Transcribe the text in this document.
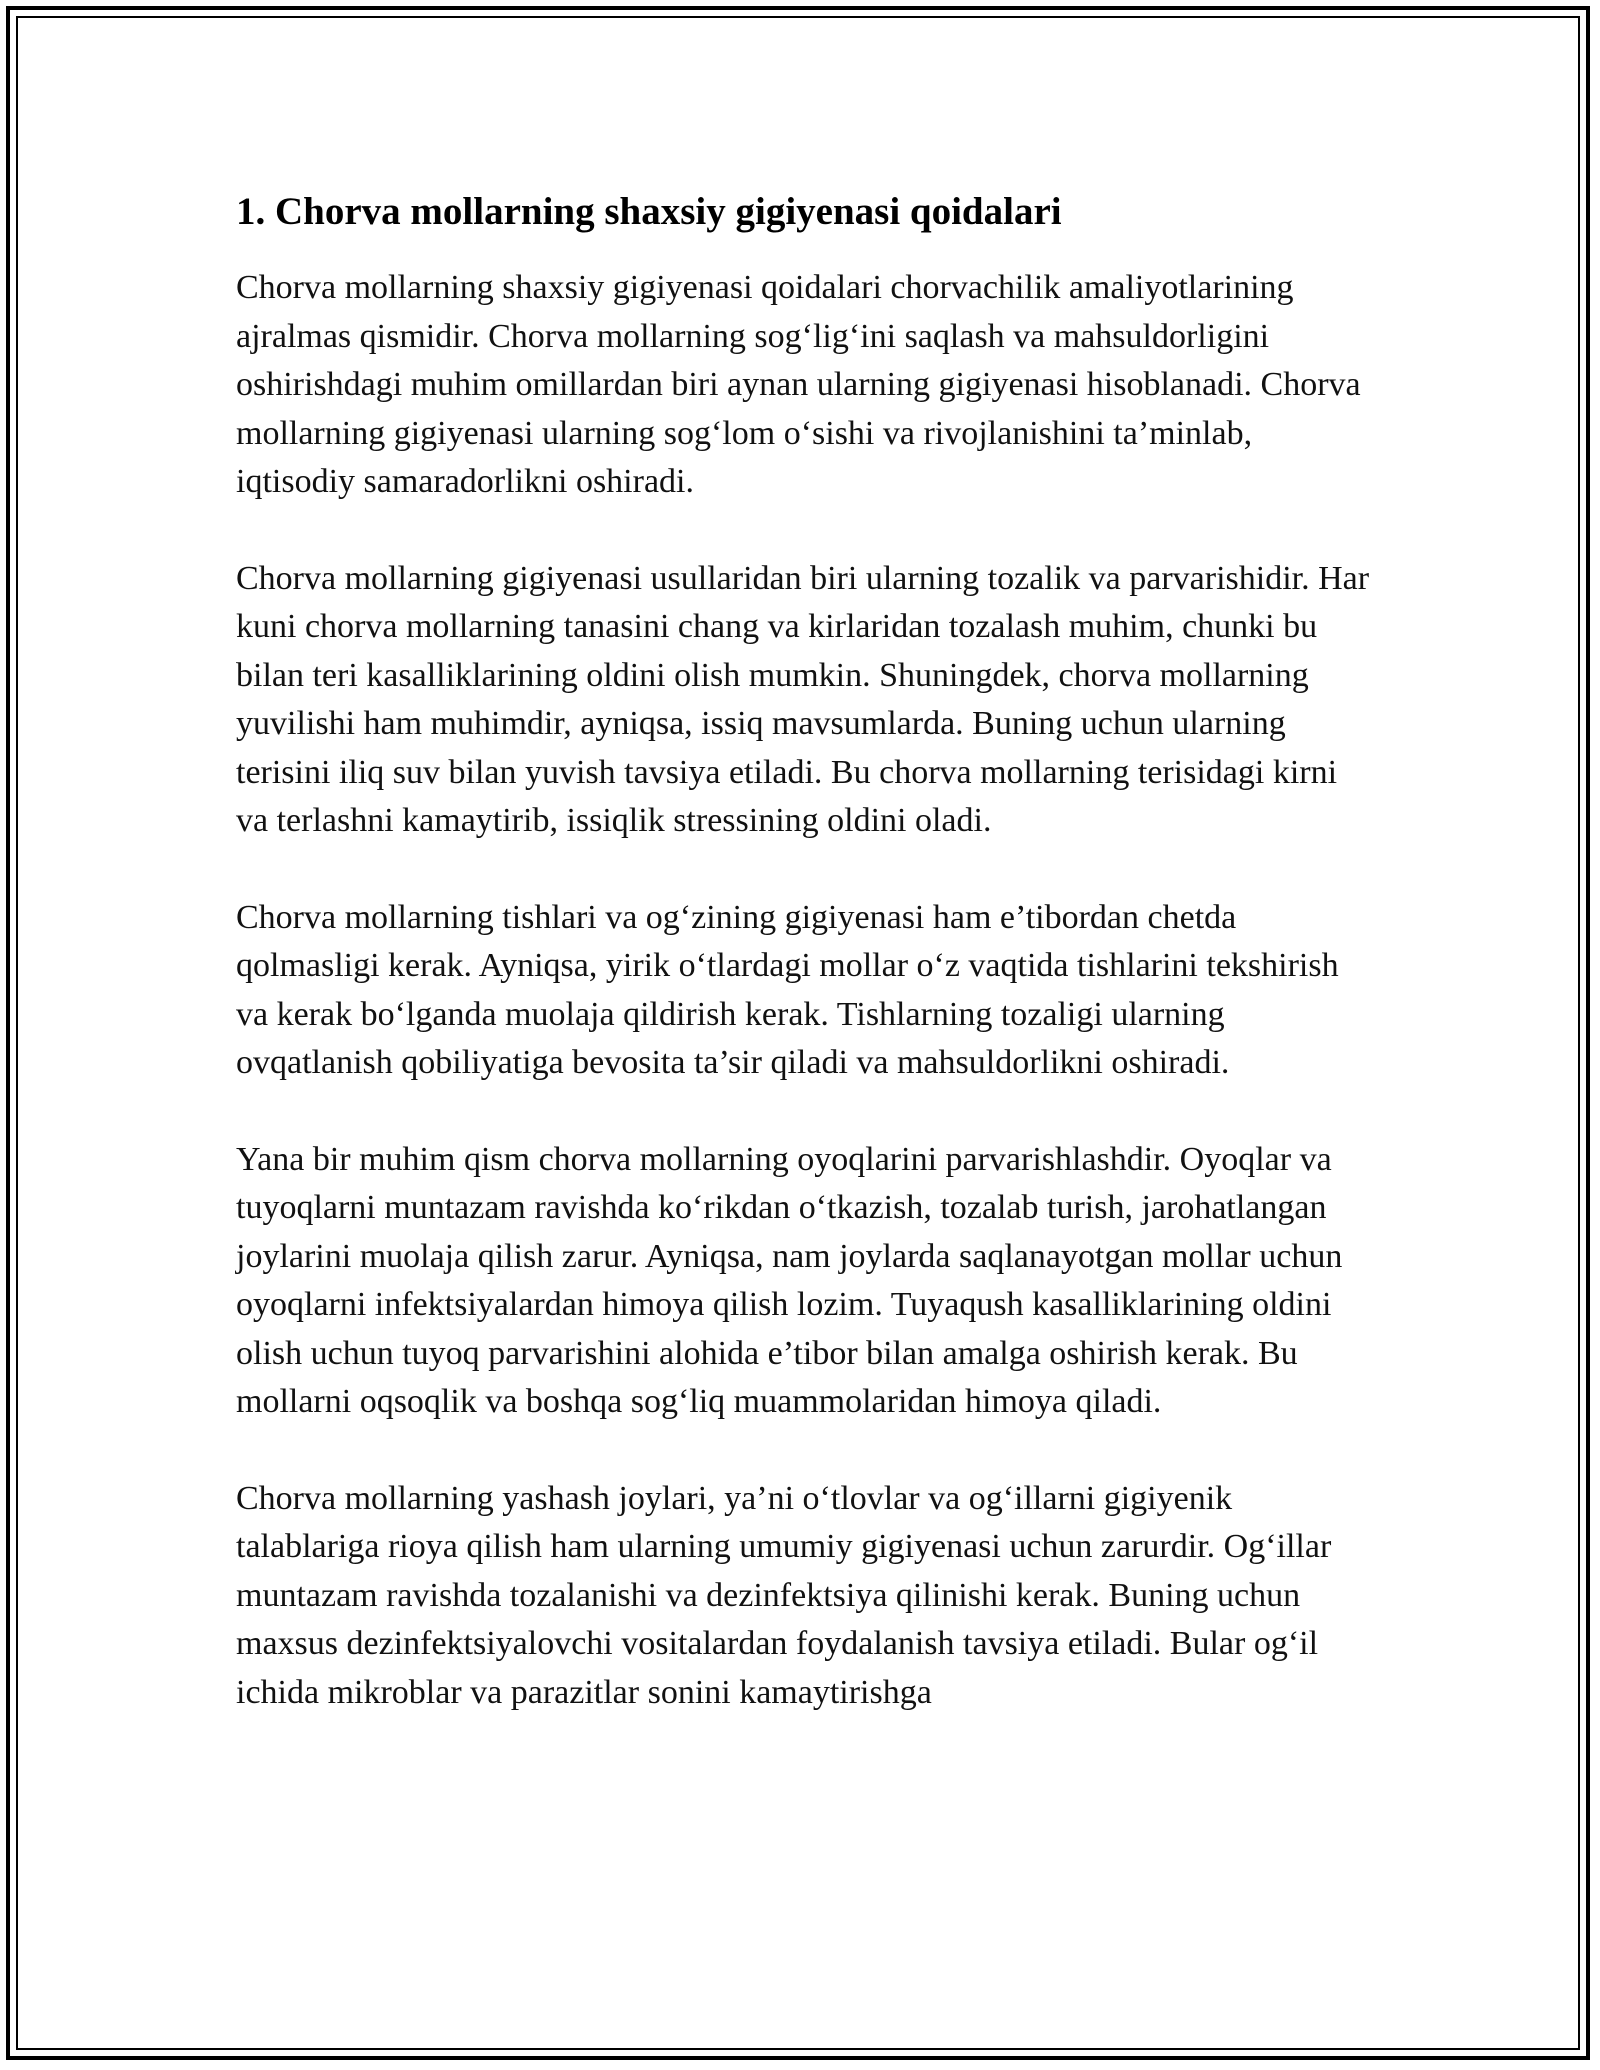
1. Chorva mollarning shaxsiy gigiyenasi qoidalari

Chorva mollarning shaxsiy gigiyenasi qoidalari chorvachilik amaliyotlarining ajralmas qismidir. Chorva mollarning sog‘lig‘ini saqlash va mahsuldorligini oshirishdagi muhim omillardan biri aynan ularning gigiyenasi hisoblanadi. Chorva mollarning gigiyenasi ularning sog‘lom o‘sishi va rivojlanishini ta’minlab, iqtisodiy samaradorlikni oshiradi.

Chorva mollarning gigiyenasi usullaridan biri ularning tozalik va parvarishidir. Har kuni chorva mollarning tanasini chang va kirlaridan tozalash muhim, chunki bu bilan teri kasalliklarining oldini olish mumkin. Shuningdek, chorva mollarning yuvilishi ham muhimdir, ayniqsa, issiq mavsumlarda. Buning uchun ularning terisini iliq suv bilan yuvish tavsiya etiladi. Bu chorva mollarning terisidagi kirni va terlashni kamaytirib, issiqlik stressining oldini oladi.

Chorva mollarning tishlari va og‘zining gigiyenasi ham e’tibordan chetda qolmasligi kerak. Ayniqsa, yirik o‘tlardagi mollar o‘z vaqtida tishlarini tekshirish va kerak bo‘lganda muolaja qildirish kerak. Tishlarning tozaligi ularning ovqatlanish qobiliyatiga bevosita ta’sir qiladi va mahsuldorlikni oshiradi.

Yana bir muhim qism chorva mollarning oyoqlarini parvarishlashdir. Oyoqlar va tuyoqlarni muntazam ravishda ko‘rikdan o‘tkazish, tozalab turish, jarohatlangan joylarini muolaja qilish zarur. Ayniqsa, nam joylarda saqlanayotgan mollar uchun oyoqlarni infektsiyalardan himoya qilish lozim. Tuyaqush kasalliklarining oldini olish uchun tuyoq parvarishini alohida e’tibor bilan amalga oshirish kerak. Bu mollarni oqsoqlik va boshqa sog‘liq muammolaridan himoya qiladi.

Chorva mollarning yashash joylari, ya’ni o‘tlovlar va og‘illarni gigiyenik talablariga rioya qilish ham ularning umumiy gigiyenasi uchun zarurdir. Og‘illar muntazam ravishda tozalanishi va dezinfektsiya qilinishi kerak. Buning uchun maxsus dezinfektsiyalovchi vositalardan foydalanish tavsiya etiladi. Bular og‘il ichida mikroblar va parazitlar sonini kamaytirishga
